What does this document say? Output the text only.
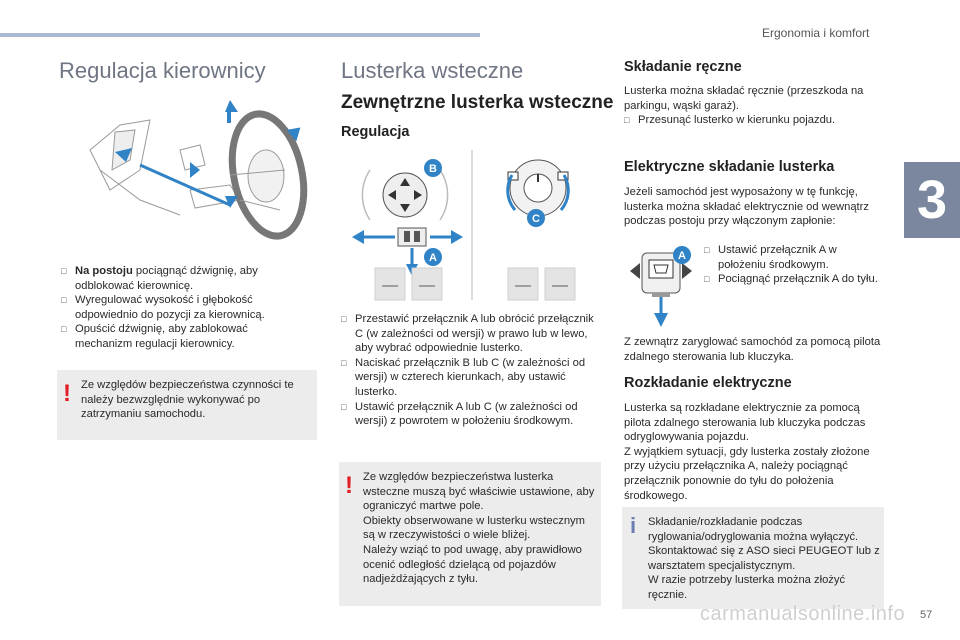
Ergonomia i komfort
3
Regulacja kierownicy
□ Na postoju pociągnąć dźwignię, aby odblokować kierownicę.
□ Wyregulować wysokość i głębokość odpowiednio do pozycji za kierownicą.
□ Opuścić dźwignię, aby zablokować mechanizm regulacji kierownicy.
! Ze względów bezpieczeństwa czynności te należy bezwzględnie wykonywać po zatrzymaniu samochodu.
Lusterka wsteczne
Zewnętrzne lusterka wsteczne
Regulacja
B
A
C
□ Przestawić przełącznik A lub obrócić przełącznik C (w zależności od wersji) w prawo lub w lewo, aby wybrać odpowiednie lusterko.
□ Naciskać przełącznik B lub C (w zależności od wersji) w czterech kierunkach, aby ustawić lusterko.
□ Ustawić przełącznik A lub C (w zależności od wersji) z powrotem w położeniu środkowym.
! Ze względów bezpieczeństwa lusterka wsteczne muszą być właściwie ustawione, aby ograniczyć martwe pole.
Obiekty obserwowane w lusterku wstecznym są w rzeczywistości o wiele bliżej.
Należy wziąć to pod uwagę, aby prawidłowo ocenić odległość dzielącą od pojazdów nadjeżdżających z tyłu.
Składanie ręczne
Lusterka można składać ręcznie (przeszkoda na parkingu, wąski garaż).
□ Przesunąć lusterko w kierunku pojazdu.
Elektryczne składanie lusterka
Jeżeli samochód jest wyposażony w tę funkcję, lusterka można składać elektrycznie od wewnątrz podczas postoju przy włączonym zapłonie:
A □ Ustawić przełącznik A w położeniu środkowym.
□ Pociągnąć przełącznik A do tyłu.
Z zewnątrz zaryglować samochód za pomocą pilota zdalnego sterowania lub kluczyka.
Rozkładanie elektryczne
Lusterka są rozkładane elektrycznie za pomocą pilota zdalnego sterowania lub kluczyka podczas odryglowywania pojazdu.
Z wyjątkiem sytuacji, gdy lusterka zostały złożone przy użyciu przełącznika A, należy pociągnąć przełącznik ponownie do tyłu do położenia środkowego.
i Składanie/rozkładanie podczas ryglowania/odryglowania można wyłączyć.
Skontaktować się z ASO sieci PEUGEOT lub z warsztatem specjalistycznym.
W razie potrzeby lusterka można złożyć ręcznie.
carmanualsonline.info 57
